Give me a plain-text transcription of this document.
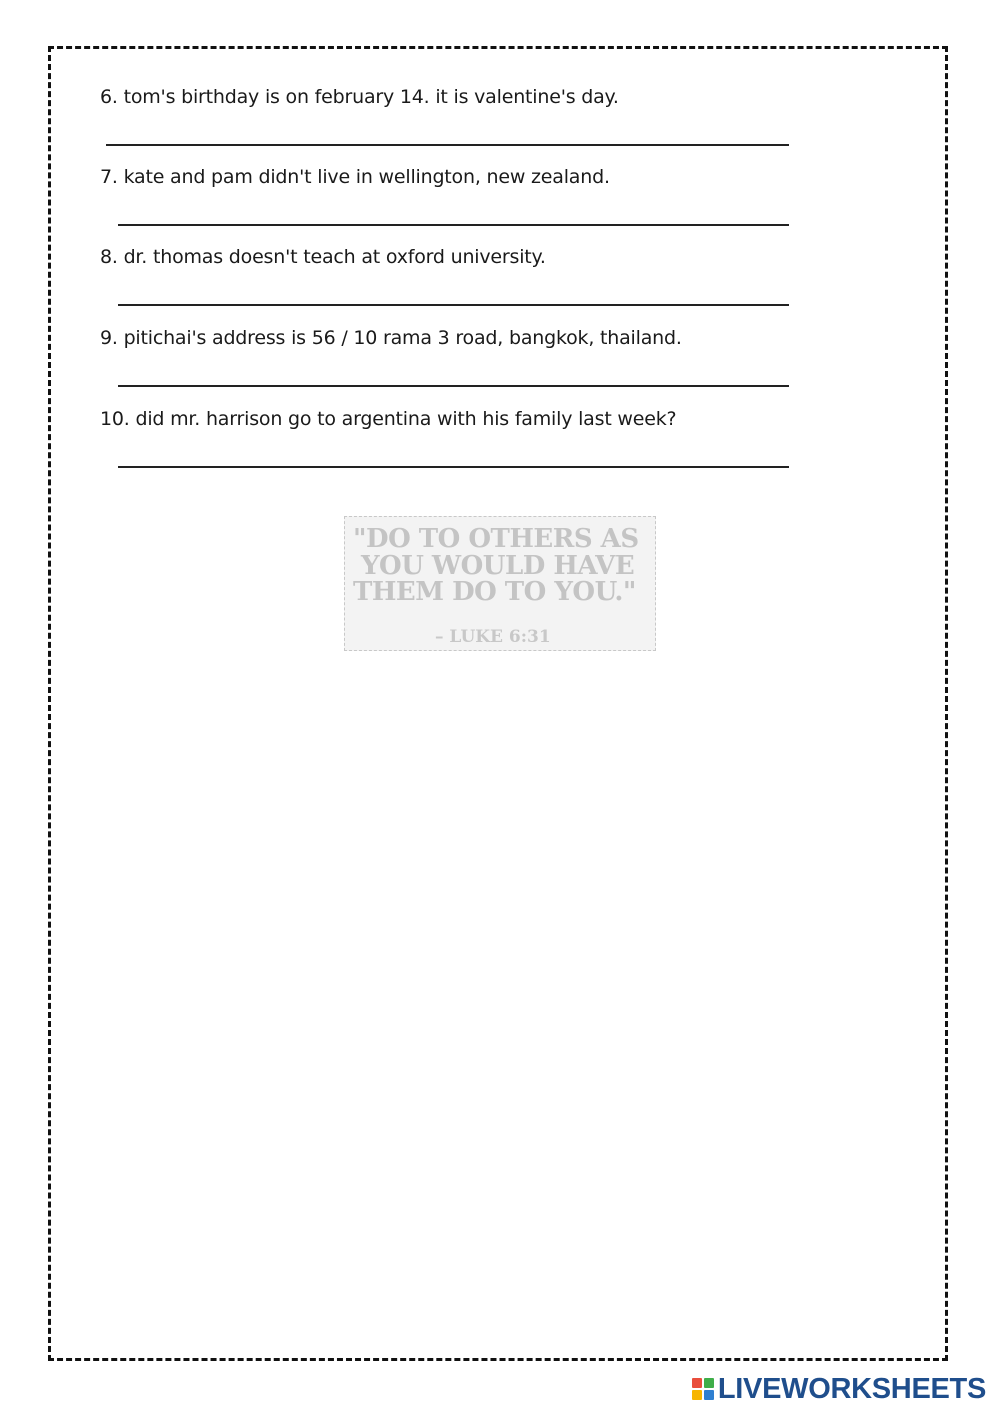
6. tom's birthday is on february 14. it is valentine's day.
7. kate and pam didn't live in wellington, new zealand.
8. dr. thomas doesn't teach at oxford university.
9. pitichai's address is 56 / 10 rama 3 road, bangkok, thailand.
10. did mr. harrison go to argentina with his family last week?
"DO TO OTHERS AS
YOU WOULD HAVE
THEM DO TO YOU."
– LUKE 6:31
LIVEWORKSHEETS
